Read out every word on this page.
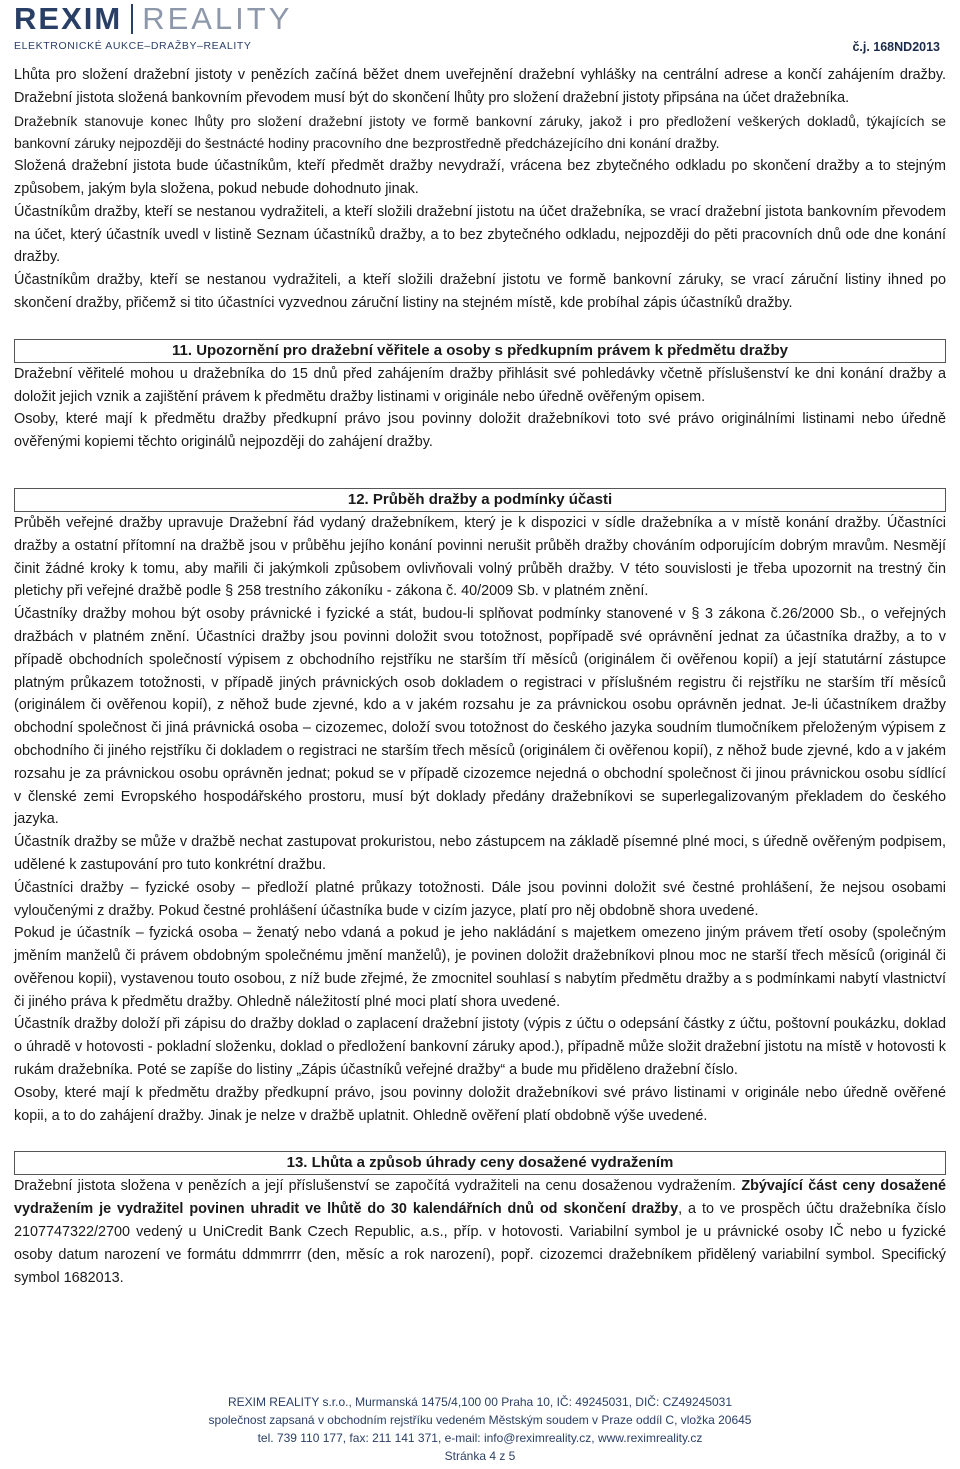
REXIM REALITY
ELEKTRONICKÉ AUKCE–DRAŽBY–REALITY	č.j. 168ND2013

Lhůta pro složení dražební jistoty v penězích začíná běžet dnem uveřejnění dražební vyhlášky na centrální adrese a končí zahájením dražby. Dražební jistota složená bankovním převodem musí být do skončení lhůty pro složení dražební jistoty připsána na účet dražebníka.

Dražebník stanovuje konec lhůty pro složení dražební jistoty ve formě bankovní záruky, jakož i pro předložení veškerých dokladů, týkajících se bankovní záruky nejpozději do šestnácté hodiny pracovního dne bezprostředně předcházejícího dni konání dražby.

Složená dražební jistota bude účastníkům, kteří předmět dražby nevydraží, vrácena bez zbytečného odkladu po skončení dražby a to stejným způsobem, jakým byla složena, pokud nebude dohodnuto jinak.

Účastníkům dražby, kteří se nestanou vydražiteli, a kteří složili dražební jistotu na účet dražebníka, se vrací dražební jistota bankovním převodem na účet, který účastník uvedl v listině Seznam účastníků dražby, a to bez zbytečného odkladu, nejpozději do pěti pracovních dnů ode dne konání dražby.

Účastníkům dražby, kteří se nestanou vydražiteli, a kteří složili dražební jistotu ve formě bankovní záruky, se vrací záruční listiny ihned po skončení dražby, přičemž si tito účastníci vyzvednou záruční listiny na stejném místě, kde probíhal zápis účastníků dražby.

11. Upozornění pro dražební věřitele a osoby s předkupním právem k předmětu dražby

Dražební věřitelé mohou u dražebníka do 15 dnů před zahájením dražby přihlásit své pohledávky včetně příslušenství ke dni konání dražby a doložit jejich vznik a zajištění právem k předmětu dražby listinami v originále nebo úředně ověřeným opisem.

Osoby, které mají k předmětu dražby předkupní právo jsou povinny doložit dražebníkovi toto své právo originálními listinami nebo úředně ověřenými kopiemi těchto originálů nejpozději do zahájení dražby.

12. Průběh dražby a podmínky účasti

Průběh veřejné dražby upravuje Dražební řád vydaný dražebníkem, který je k dispozici v sídle dražebníka a v místě konání dražby. Účastníci dražby a ostatní přítomní na dražbě jsou v průběhu jejího konání povinni nerušit průběh dražby chováním odporujícím dobrým mravům. Nesmějí činit žádné kroky k tomu, aby mařili či jakýmkoli způsobem ovlivňovali volný průběh dražby. V této souvislosti je třeba upozornit na trestný čin pletichy při veřejné dražbě podle § 258 trestního zákoníku - zákona č. 40/2009 Sb. v platném znění.

Účastníky dražby mohou být osoby právnické i fyzické a stát, budou-li splňovat podmínky stanovené v § 3 zákona č.26/2000 Sb., o veřejných dražbách v platném znění. Účastníci dražby jsou povinni doložit svou totožnost, popřípadě své oprávnění jednat za účastníka dražby, a to v případě obchodních společností výpisem z obchodního rejstříku ne starším tří měsíců (originálem či ověřenou kopií) a její statutární zástupce platným průkazem totožnosti, v případě jiných právnických osob dokladem o registraci v příslušném registru či rejstříku ne starším tří měsíců (originálem či ověřenou kopií), z něhož bude zjevné, kdo a v jakém rozsahu je za právnickou osobu oprávněn jednat. Je-li účastníkem dražby obchodní společnost či jiná právnická osoba – cizozemec, doloží svou totožnost do českého jazyka soudním tlumočníkem přeloženým výpisem z obchodního či jiného rejstříku či dokladem o registraci ne starším třech měsíců (originálem či ověřenou kopií), z něhož bude zjevné, kdo a v jakém rozsahu je za právnickou osobu oprávněn jednat; pokud se v případě cizozemce nejedná o obchodní společnost či jinou právnickou osobu sídlící v členské zemi Evropského hospodářského prostoru, musí být doklady předány dražebníkovi se superlegalizovaným překladem do českého jazyka.

Účastník dražby se může v dražbě nechat zastupovat prokuristou, nebo zástupcem na základě písemné plné moci, s úředně ověřeným podpisem, udělené k zastupování pro tuto konkrétní dražbu.

Účastníci dražby – fyzické osoby – předloží platné průkazy totožnosti. Dále jsou povinni doložit své čestné prohlášení, že nejsou osobami vyloučenými z dražby. Pokud čestné prohlášení účastníka bude v cizím jazyce, platí pro něj obdobně shora uvedené.

Pokud je účastník – fyzická osoba – ženatý nebo vdaná a pokud je jeho nakládání s majetkem omezeno jiným právem třetí osoby (společným jměním manželů či právem obdobným společnému jmění manželů), je povinen doložit dražebníkovi plnou moc ne starší třech měsíců (originál či ověřenou kopii), vystavenou touto osobou, z níž bude zřejmé, že zmocnitel souhlasí s nabytím předmětu dražby a s podmínkami nabytí vlastnictví či jiného práva k předmětu dražby. Ohledně náležitostí plné moci platí shora uvedené.

Účastník dražby doloží při zápisu do dražby doklad o zaplacení dražební jistoty (výpis z účtu o odepsání částky z účtu, poštovní poukázku, doklad o úhradě v hotovosti - pokladní složenku, doklad o předložení bankovní záruky apod.), případně může složit dražební jistotu na místě v hotovosti k rukám dražebníka. Poté se zapíše do listiny „Zápis účastníků veřejné dražby“ a bude mu přiděleno dražební číslo.

Osoby, které mají k předmětu dražby předkupní právo, jsou povinny doložit dražebníkovi své právo listinami v originále nebo úředně ověřené kopii, a to do zahájení dražby. Jinak je nelze v dražbě uplatnit. Ohledně ověření platí obdobně výše uvedené.

13. Lhůta a způsob úhrady ceny dosažené vydražením

Dražební jistota složena v penězích a její příslušenství se započítá vydražiteli na cenu dosaženou vydražením. Zbývající část ceny dosažené vydražením je vydražitel povinen uhradit ve lhůtě do 30 kalendářních dnů od skončení dražby, a to ve prospěch účtu dražebníka číslo 2107747322/2700 vedený u UniCredit Bank Czech Republic, a.s., příp. v hotovosti. Variabilní symbol je u právnické osoby IČ nebo u fyzické osoby datum narození ve formátu ddmmrrrr (den, měsíc a rok narození), popř. cizozemci dražebníkem přidělený variabilní symbol. Specifický symbol 1682013.

REXIM REALITY s.r.o., Murmanská 1475/4,100 00 Praha 10, IČ: 49245031, DIČ: CZ49245031
společnost zapsaná v obchodním rejstříku vedeném Městským soudem v Praze oddíl C, vložka 20645
tel. 739 110 177, fax: 211 141 371, e-mail: info@reximreality.cz, www.reximreality.cz
Stránka 4 z 5
